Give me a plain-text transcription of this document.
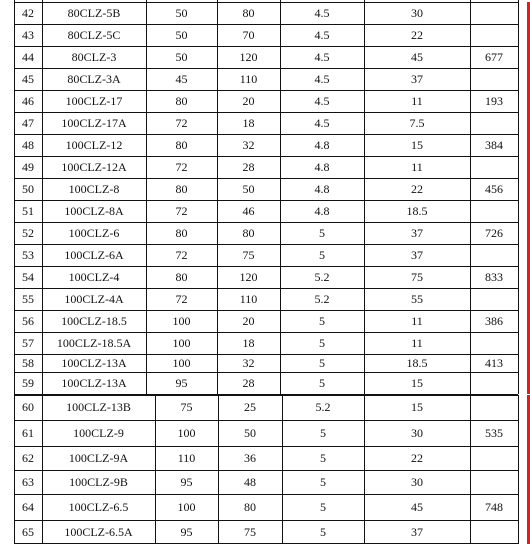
42	80CLZ-5B	50	80	4.5	30
43	80CLZ-5C	50	70	4.5	22
44	80CLZ-3	50	120	4.5	45	677
45	80CLZ-3A	45	110	4.5	37
46	100CLZ-17	80	20	4.5	11	193
47	100CLZ-17A	72	18	4.5	7.5
48	100CLZ-12	80	32	4.8	15	384
49	100CLZ-12A	72	28	4.8	11
50	100CLZ-8	80	50	4.8	22	456
51	100CLZ-8A	72	46	4.8	18.5
52	100CLZ-6	80	80	5	37	726
53	100CLZ-6A	72	75	5	37
54	100CLZ-4	80	120	5.2	75	833
55	100CLZ-4A	72	110	5.2	55
56	100CLZ-18.5	100	20	5	11	386
57	100CLZ-18.5A	100	18	5	11
58	100CLZ-13A	100	32	5	18.5	413
59	100CLZ-13A	95	28	5	15
60	100CLZ-13B	75	25	5.2	15
61	100CLZ-9	100	50	5	30	535
62	100CLZ-9A	110	36	5	22
63	100CLZ-9B	95	48	5	30
64	100CLZ-6.5	100	80	5	45	748
65	100CLZ-6.5A	95	75	5	37
